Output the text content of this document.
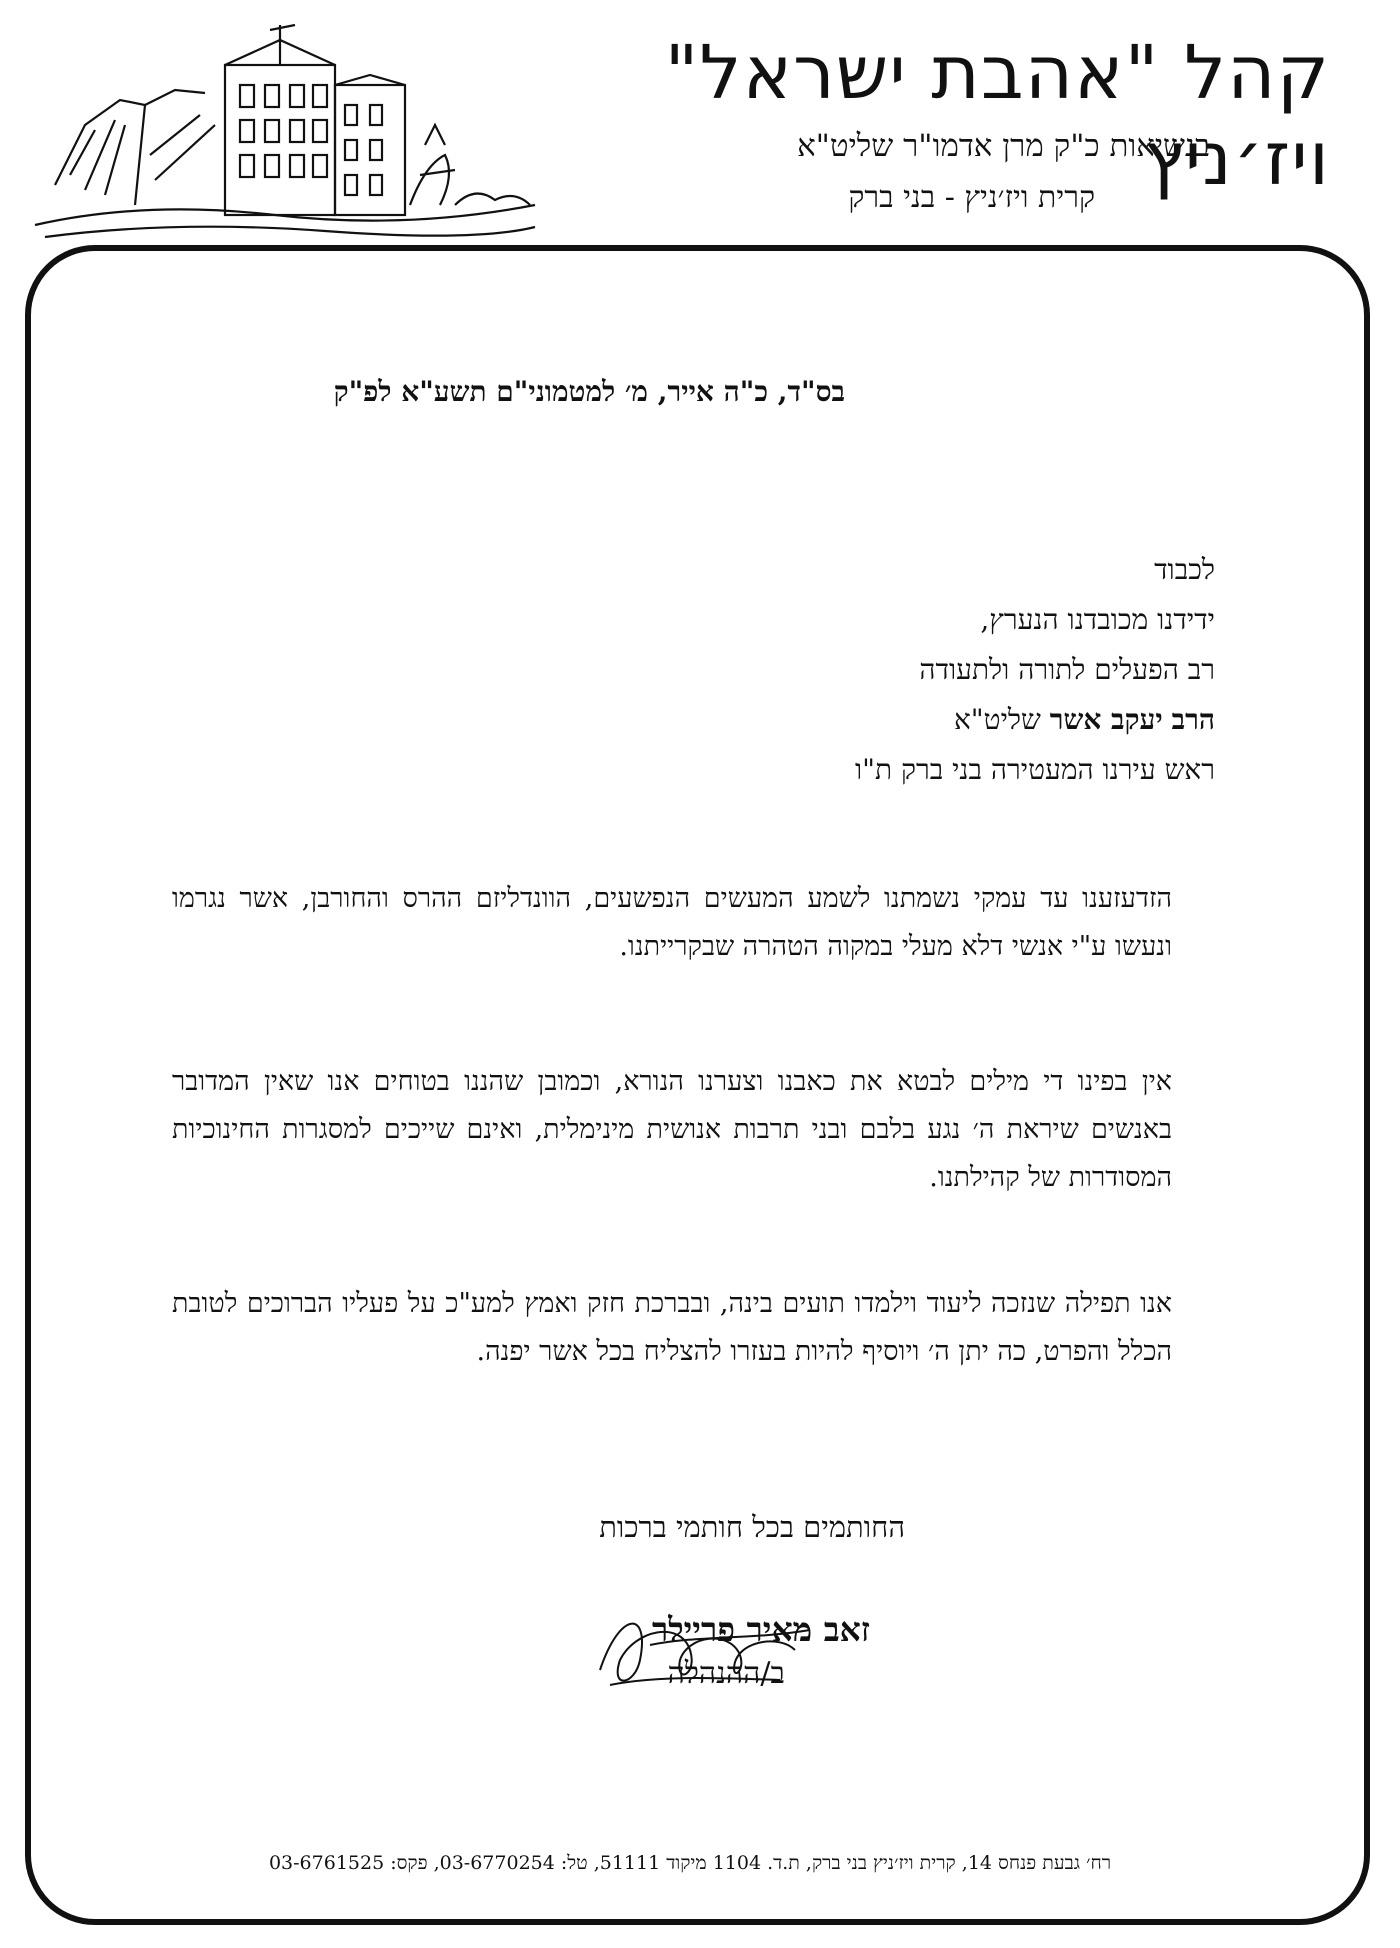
קהל "אהבת ישראל" ויז׳ניץ
בנשיאות כ"ק מרן אדמו"ר שליט"א
קרית ויז׳ניץ - בני ברק
בס"ד, כ"ה אייר, מ׳ למטמוני"ם תשע"א לפ"ק
לכבוד
ידידנו מכובדנו הנערץ,
רב הפעלים לתורה ולתעודה
הרב יעקב אשר שליט"א
ראש עירנו המעטירה בני ברק ת"ו
הזדעזענו עד עמקי נשמתנו לשמע המעשים הנפשעים, הוונדליזם ההרס והחורבן, אשר נגרמו ונעשו ע"י אנשי דלא מעלי במקוה הטהרה שבקרייתנו.
אין בפינו די מילים לבטא את כאבנו וצערנו הנורא, וכמובן שהננו בטוחים אנו שאין המדובר באנשים שיראת ה׳ נגע בלבם ובני תרבות אנושית מינימלית, ואינם שייכים למסגרות החינוכיות המסודרות של קהילתנו.
אנו תפילה שנזכה ליעוד וילמדו תועים בינה, ובברכת חזק ואמץ למע"כ על פעליו הברוכים לטובת הכלל והפרט, כה יתן ה׳ ויוסיף להיות בעזרו להצליח בכל אשר יפנה.
החותמים בכל חותמי ברכות
זאב מאיר פריילר
ב/ההנהלה
רח׳ גבעת פנחס 14, קרית ויז׳ניץ בני ברק, ת.ד. 1104 מיקוד 51111, טל: 03-6770254, פקס: 03-6761525
